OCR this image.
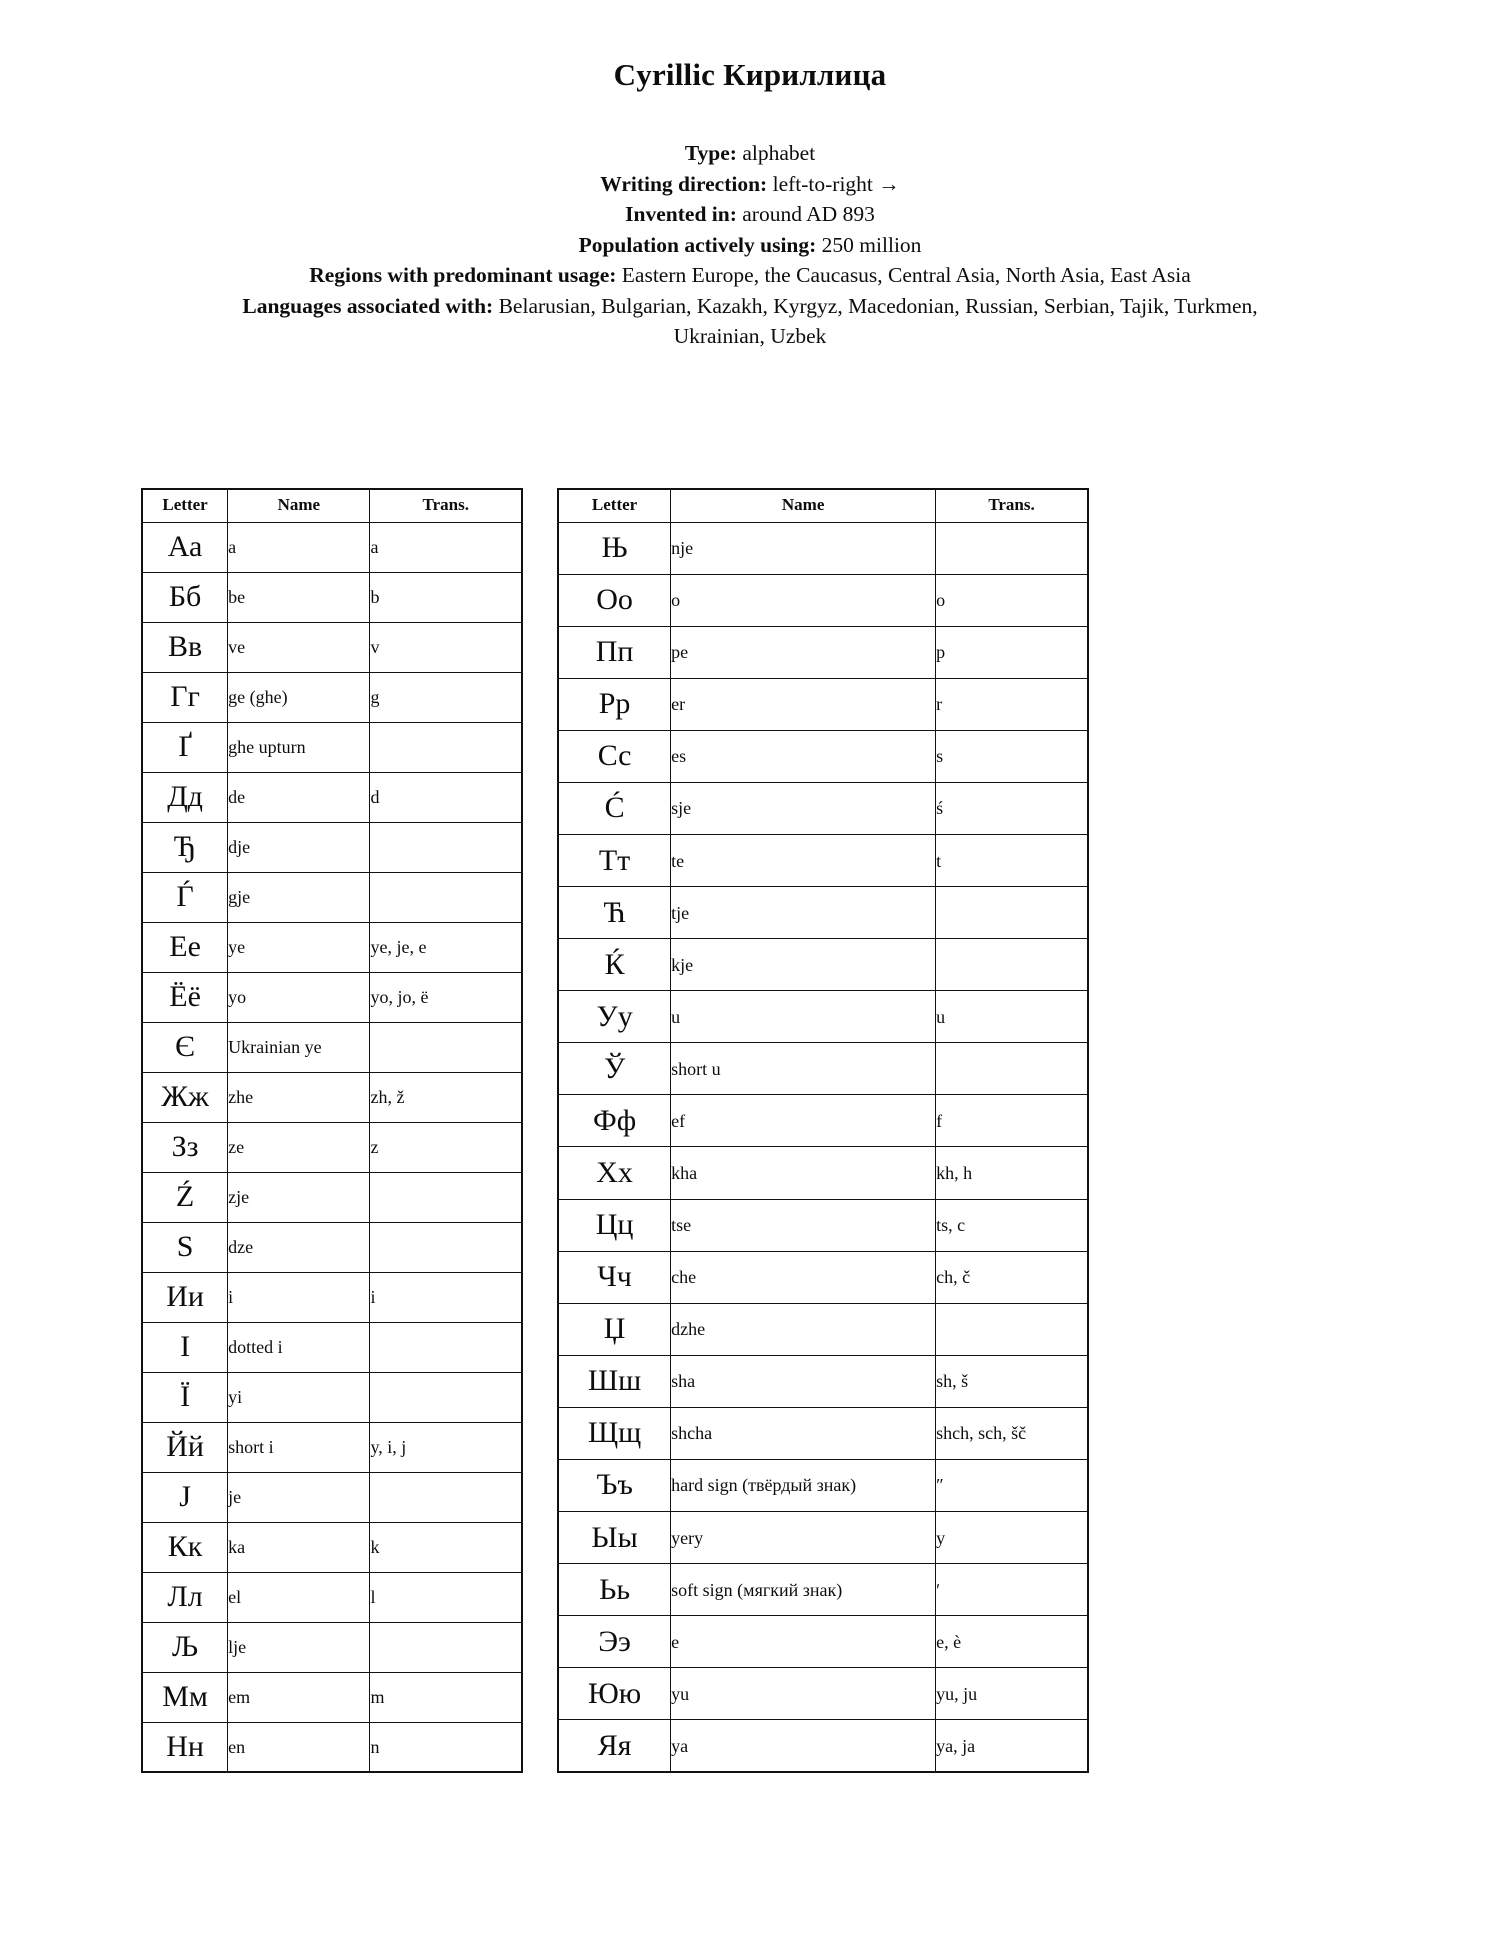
Cyrillic Кириллица
Type: alphabet
Writing direction: left-to-right →
Invented in: around AD 893
Population actively using: 250 million
Regions with predominant usage: Eastern Europe, the Caucasus, Central Asia, North Asia, East Asia
Languages associated with: Belarusian, Bulgarian, Kazakh, Kyrgyz, Macedonian, Russian, Serbian, Tajik, Turkmen, Ukrainian, Uzbek
Letter	Name	Trans.
Аа	a	a
Бб	be	b
Вв	ve	v
Гг	ge (ghe)	g
Ґ	ghe upturn	
Дд	de	d
Ђ	dje	
Ѓ	gje	
Ее	ye	ye, je, e
Ёё	yo	yo, jo, ë
Є	Ukrainian ye	
Жж	zhe	zh, ž
Зз	ze	z
Ź	zje	
Ѕ	dze	
Ии	i	i
І	dotted i	
Ї	yi	
Йй	short i	y, i, j
Ј	je	
Кк	ka	k
Лл	el	l
Љ	lje	
Мм	em	m
Нн	en	n
Letter	Name	Trans.
Њ	nje	
Оо	o	o
Пп	pe	p
Рр	er	r
Сс	es	s
Ć	sje	ś
Тт	te	t
Ћ	tje	
Ќ	kje	
Уу	u	u
Ў	short u	
Фф	ef	f
Хх	kha	kh, h
Цц	tse	ts, c
Чч	che	ch, č
Џ	dzhe	
Шш	sha	sh, š
Щщ	shcha	shch, sch, šč
Ъъ	hard sign (твёрдый знак)	″
Ыы	yery	y
Ьь	soft sign (мягкий знак)	ʹ
Ээ	e	e, è
Юю	yu	yu, ju
Яя	ya	ya, ja
